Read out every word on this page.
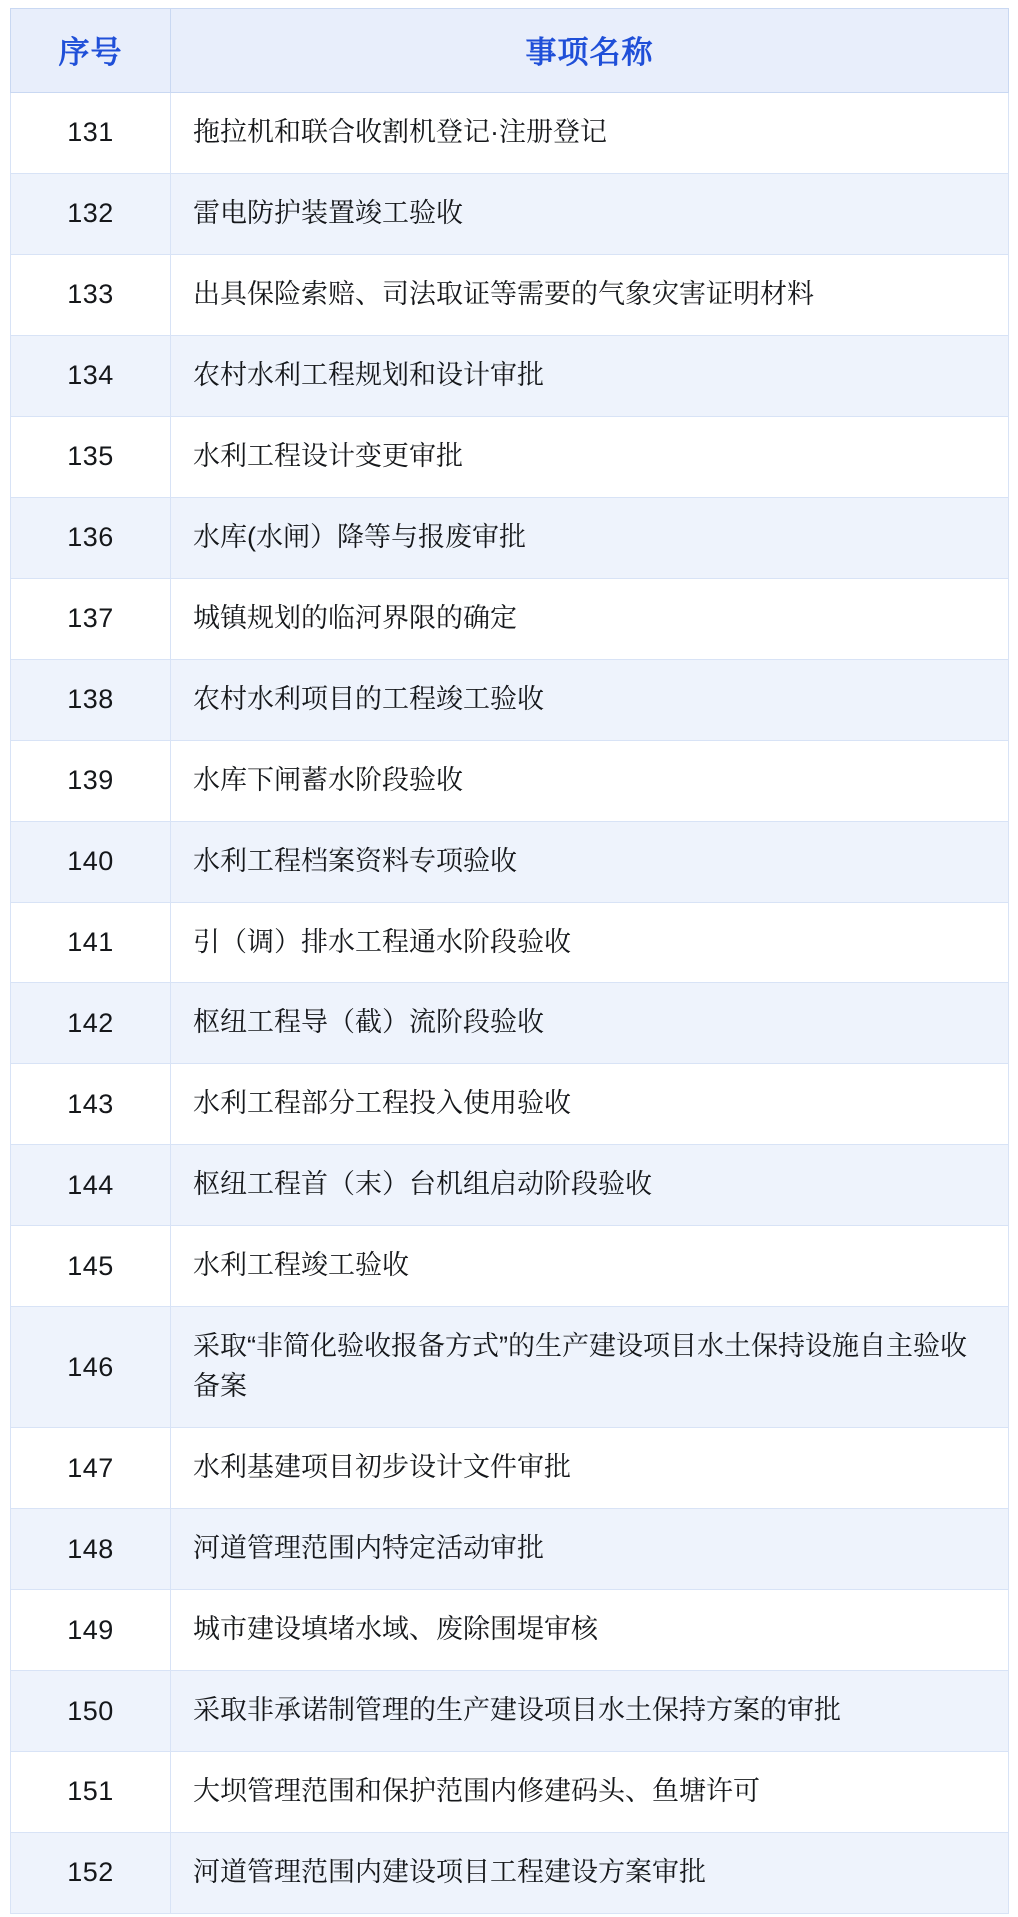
序号	事项名称
131	拖拉机和联合收割机登记·注册登记
132	雷电防护装置竣工验收
133	出具保险索赔、司法取证等需要的气象灾害证明材料
134	农村水利工程规划和设计审批
135	水利工程设计变更审批
136	水库(水闸）降等与报废审批
137	城镇规划的临河界限的确定
138	农村水利项目的工程竣工验收
139	水库下闸蓄水阶段验收
140	水利工程档案资料专项验收
141	引（调）排水工程通水阶段验收
142	枢纽工程导（截）流阶段验收
143	水利工程部分工程投入使用验收
144	枢纽工程首（末）台机组启动阶段验收
145	水利工程竣工验收
146	采取“非简化验收报备方式”的生产建设项目水土保持设施自主验收备案
147	水利基建项目初步设计文件审批
148	河道管理范围内特定活动审批
149	城市建设填堵水域、废除围堤审核
150	采取非承诺制管理的生产建设项目水土保持方案的审批
151	大坝管理范围和保护范围内修建码头、鱼塘许可
152	河道管理范围内建设项目工程建设方案审批
